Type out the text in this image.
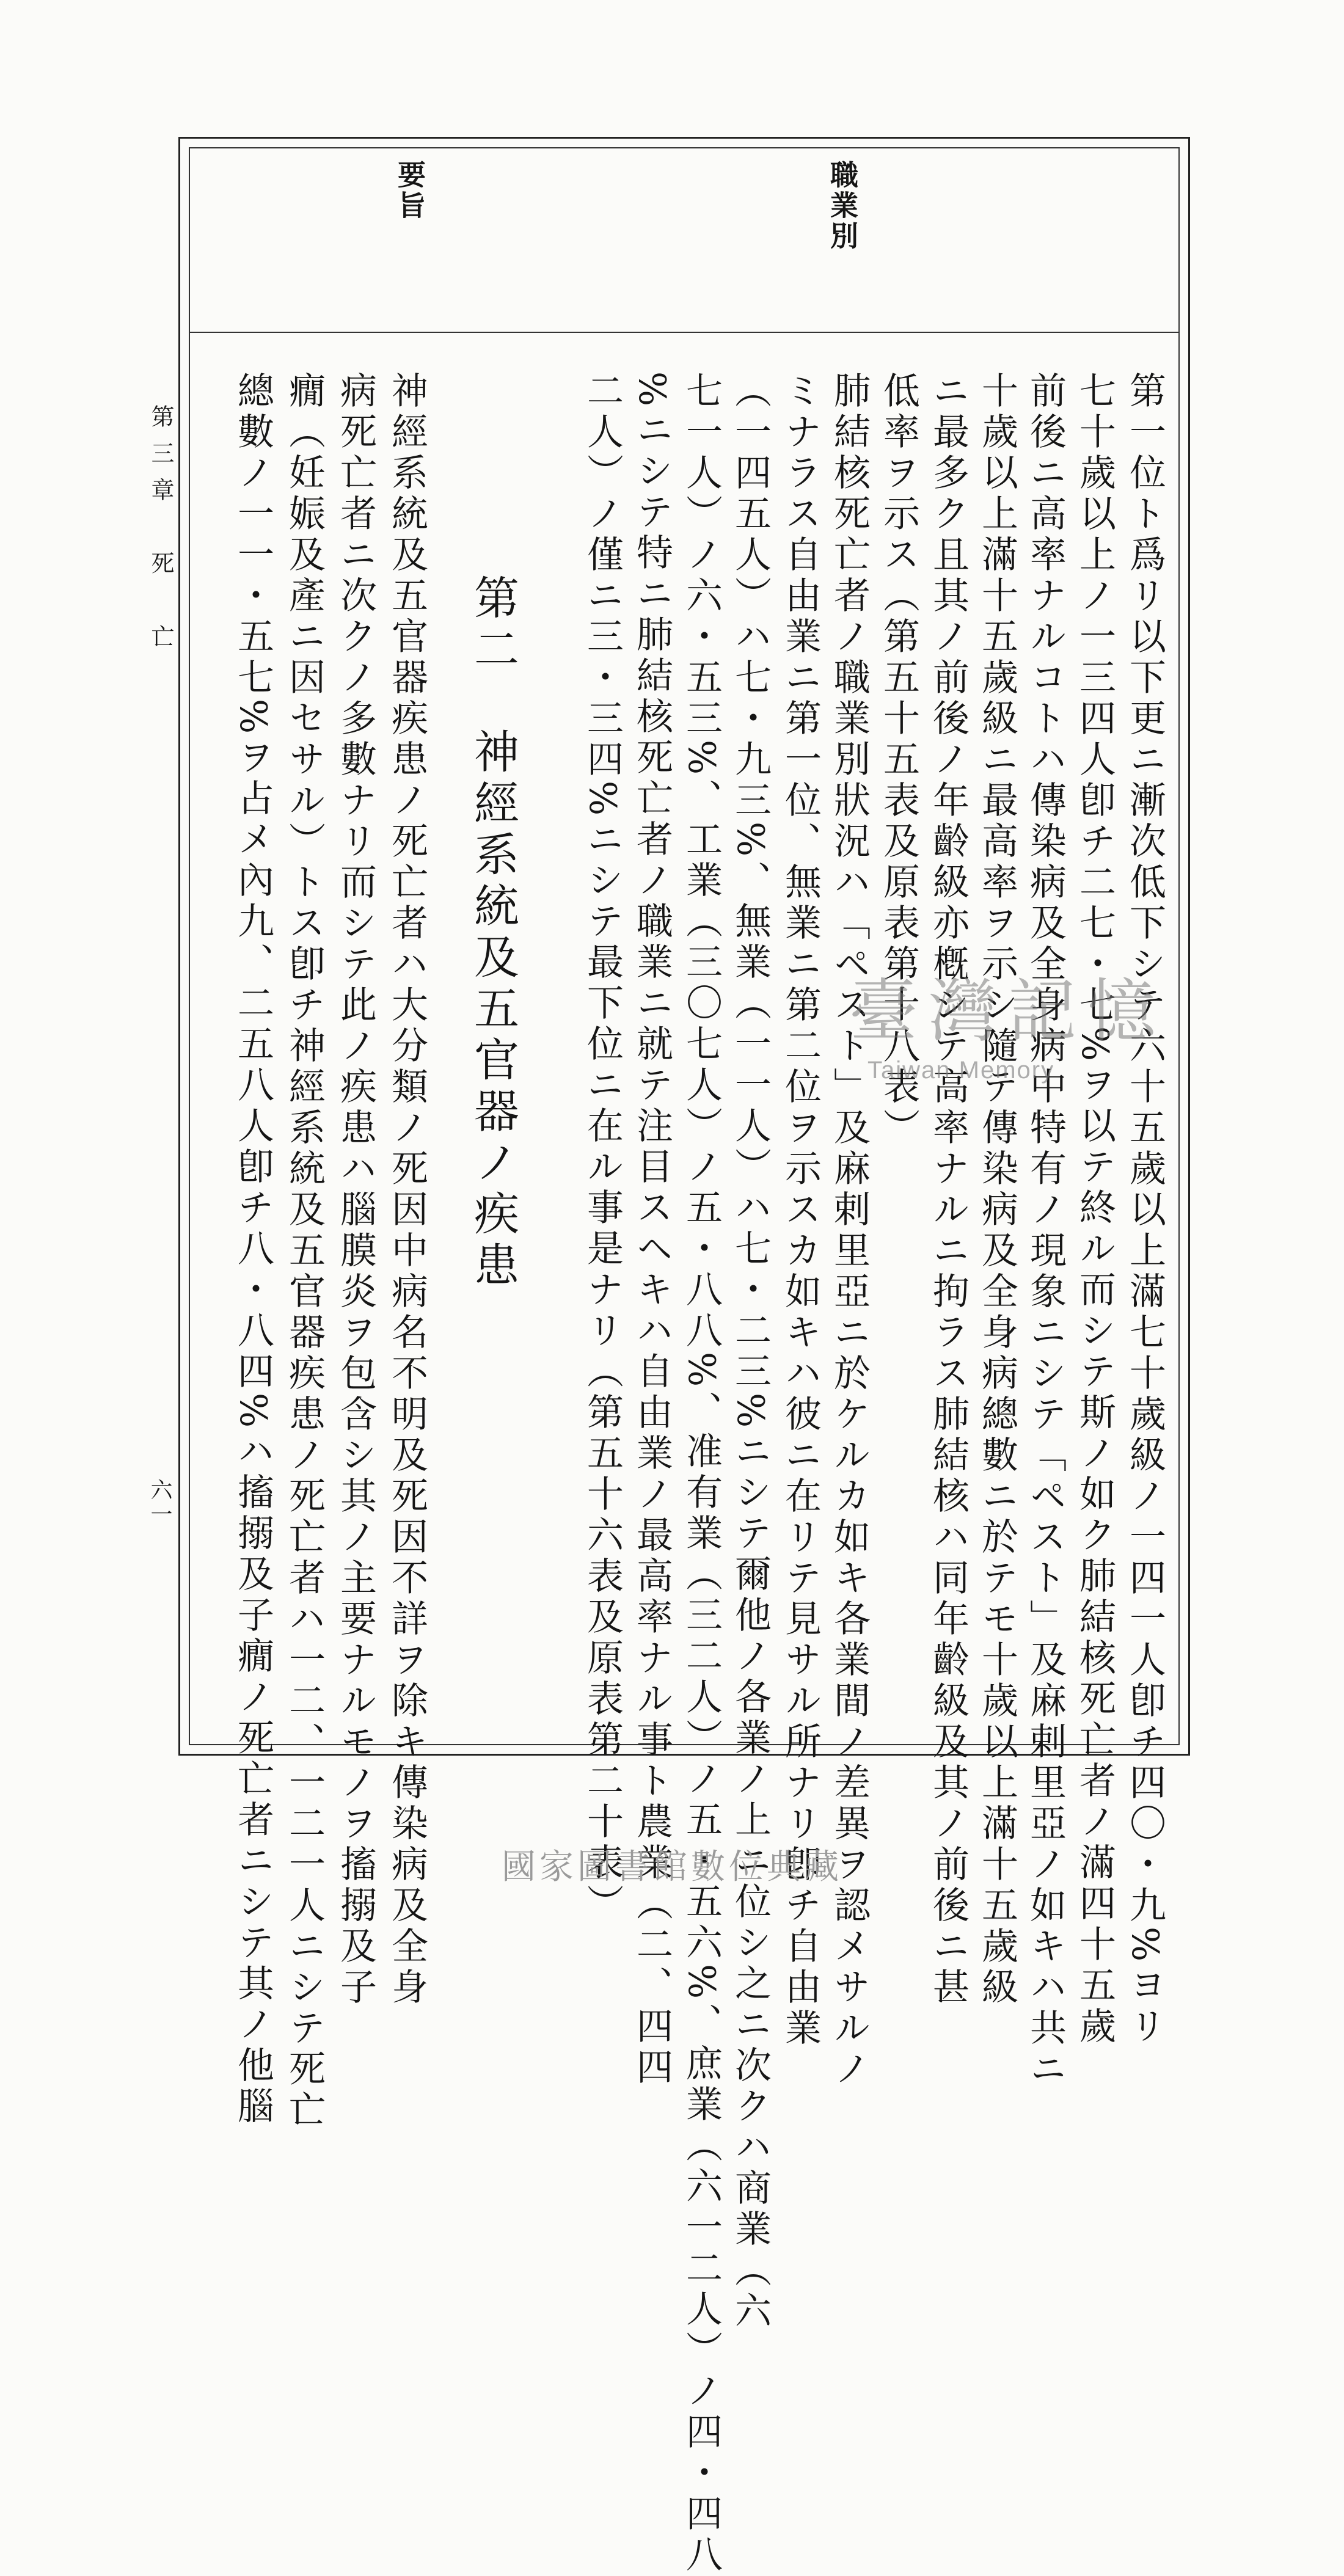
職業別
要旨
第三章　死　亡
六一	第一位ト爲リ以下更ニ漸次低下シテ六十五歲以上滿七十歲級ノ一四一人卽チ四〇・九%ヨリ
七十歲以上ノ一三四人卽チ二七・七%ヲ以テ終ル而シテ斯ノ如ク肺結核死亡者ノ滿四十五歲
前後ニ高率ナルコトハ傳染病及全身病中特有ノ現象ニシテ「ペスト」及麻剌里亞ノ如キハ共ニ
十歲以上滿十五歲級ニ最高率ヲ示シ隨テ傳染病及全身病總數ニ於テモ十歲以上滿十五歲級
ニ最多ク且其ノ前後ノ年齡級亦槪シテ高率ナルニ拘ラス肺結核ハ同年齡級及其ノ前後ニ甚
低率ヲ示ス（第五十五表及原表第十八表）
肺結核死亡者ノ職業別狀況ハ「ペスト」及麻剌里亞ニ於ケルカ如キ各業間ノ差異ヲ認メサルノ
ミナラス自由業ニ第一位、無業ニ第二位ヲ示スカ如キハ彼ニ在リテ見サル所ナリ卽チ自由業
（一四五人）ハ七・九三%、無業（一一人）ハ七・二三%ニシテ爾他ノ各業ノ上ニ位シ之ニ次クハ商業（六
七一人）ノ六・五三%、工業（三〇七人）ノ五・八八%、准有業（三二人）ノ五・五六%、庶業（六一二人）ノ四・四八
%ニシテ特ニ肺結核死亡者ノ職業ニ就テ注目スヘキハ自由業ノ最高率ナル事ト農業（二、四四
二人）ノ僅ニ三・三四%ニシテ最下位ニ在ル事是ナリ（第五十六表及原表第二十表）
第二　神經系統及五官器ノ疾患
神經系統及五官器疾患ノ死亡者ハ大分類ノ死因中病名不明及死因不詳ヲ除キ傳染病及全身
病死亡者ニ次クノ多數ナリ而シテ此ノ疾患ハ腦膜炎ヲ包含シ其ノ主要ナルモノヲ搐搦及子
癇（妊娠及產ニ因セサル）トス卽チ神經系統及五官器疾患ノ死亡者ハ一二、一二一人ニシテ死亡
總數ノ一一・五七%ヲ占メ內九、二五八人卽チ八・八四%ハ搐搦及子癇ノ死亡者ニシテ其ノ他腦	臺灣記憶
Taiwan Memory
國家圖書館數位典藏
